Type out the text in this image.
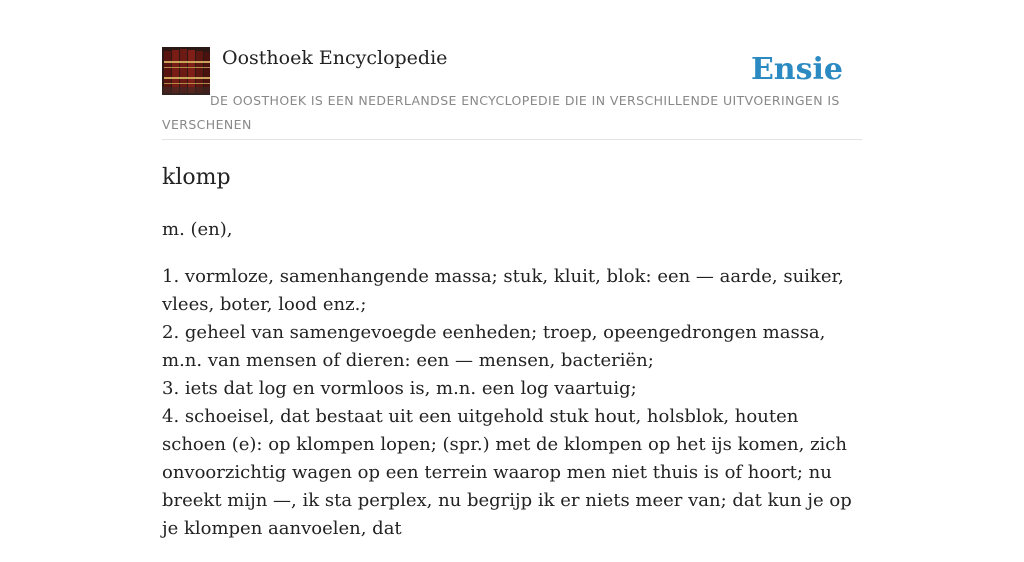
Oosthoek Encyclopedie	Ensie
DE OOSTHOEK IS EEN NEDERLANDSE ENCYCLOPEDIE DIE IN VERSCHILLENDE UITVOERINGEN IS VERSCHENEN
klomp

m. (en),

1. vormloze, samenhangende massa; stuk, kluit, blok: een — aarde, suiker, vlees, boter, lood enz.;
2. geheel van samengevoegde eenheden; troep, opeengedrongen massa, m.n. van mensen of dieren: een — mensen, bacteriën;
3. iets dat log en vormloos is, m.n. een log vaartuig;
4. schoeisel, dat bestaat uit een uitgehold stuk hout, holsblok, houten schoen (e): op klompen lopen; (spr.) met de klompen op het ijs komen, zich onvoorzichtig wagen op een terrein waarop men niet thuis is of hoort; nu breekt mijn —, ik sta perplex, nu begrijp ik er niets meer van; dat kun je op je klompen aanvoelen, dat
